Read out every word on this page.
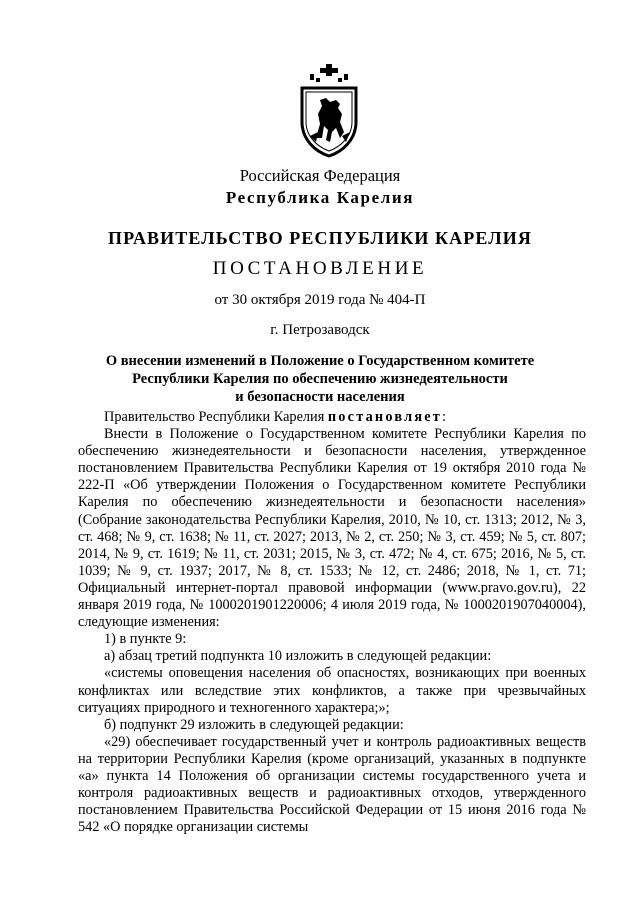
Российская Федерация
Республика Карелия
ПРАВИТЕЛЬСТВО РЕСПУБЛИКИ КАРЕЛИЯ
ПОСТАНОВЛЕНИЕ
от 30 октября 2019 года № 404-П
г. Петрозаводск
О внесении изменений в Положение о Государственном комитете
Республики Карелия по обеспечению жизнедеятельности
и безопасности населения

Правительство Республики Карелия постановляет:

Внести в Положение о Государственном комитете Республики Карелия по обеспечению жизнедеятельности и безопасности населения, утвержденное постановлением Правительства Республики Карелия от 19 октября 2010 года № 222-П «Об утверждении Положения о Государственном комитете Республики Карелия по обеспечению жизнедеятельности и безопасности населения» (Собрание законодательства Республики Карелия, 2010, № 10, ст. 1313; 2012, № 3, ст. 468; № 9, ст. 1638; № 11, ст. 2027; 2013, № 2, ст. 250; № 3, ст. 459; № 5, ст. 807; 2014, № 9, ст. 1619; № 11, ст. 2031; 2015, № 3, ст. 472; № 4, ст. 675; 2016, № 5, ст. 1039; № 9, ст. 1937; 2017, № 8, ст. 1533; № 12, ст. 2486; 2018, № 1, ст. 71; Официальный интернет-портал правовой информации (www.pravo.gov.ru), 22 января 2019 года, № 1000201901220006; 4 июля 2019 года, № 1000201907040004), следующие изменения:

1) в пункте 9:

а) абзац третий подпункта 10 изложить в следующей редакции:

«системы оповещения населения об опасностях, возникающих при военных конфликтах или вследствие этих конфликтов, а также при чрезвычайных ситуациях природного и техногенного характера;»;

б) подпункт 29 изложить в следующей редакции:

«29) обеспечивает государственный учет и контроль радиоактивных веществ на территории Республики Карелия (кроме организаций, указанных в подпункте «а» пункта 14 Положения об организации системы государственного учета и контроля радиоактивных веществ и радиоактивных отходов, утвержденного постановлением Правительства Российской Федерации от 15 июня 2016 года № 542 «О порядке организации системы
